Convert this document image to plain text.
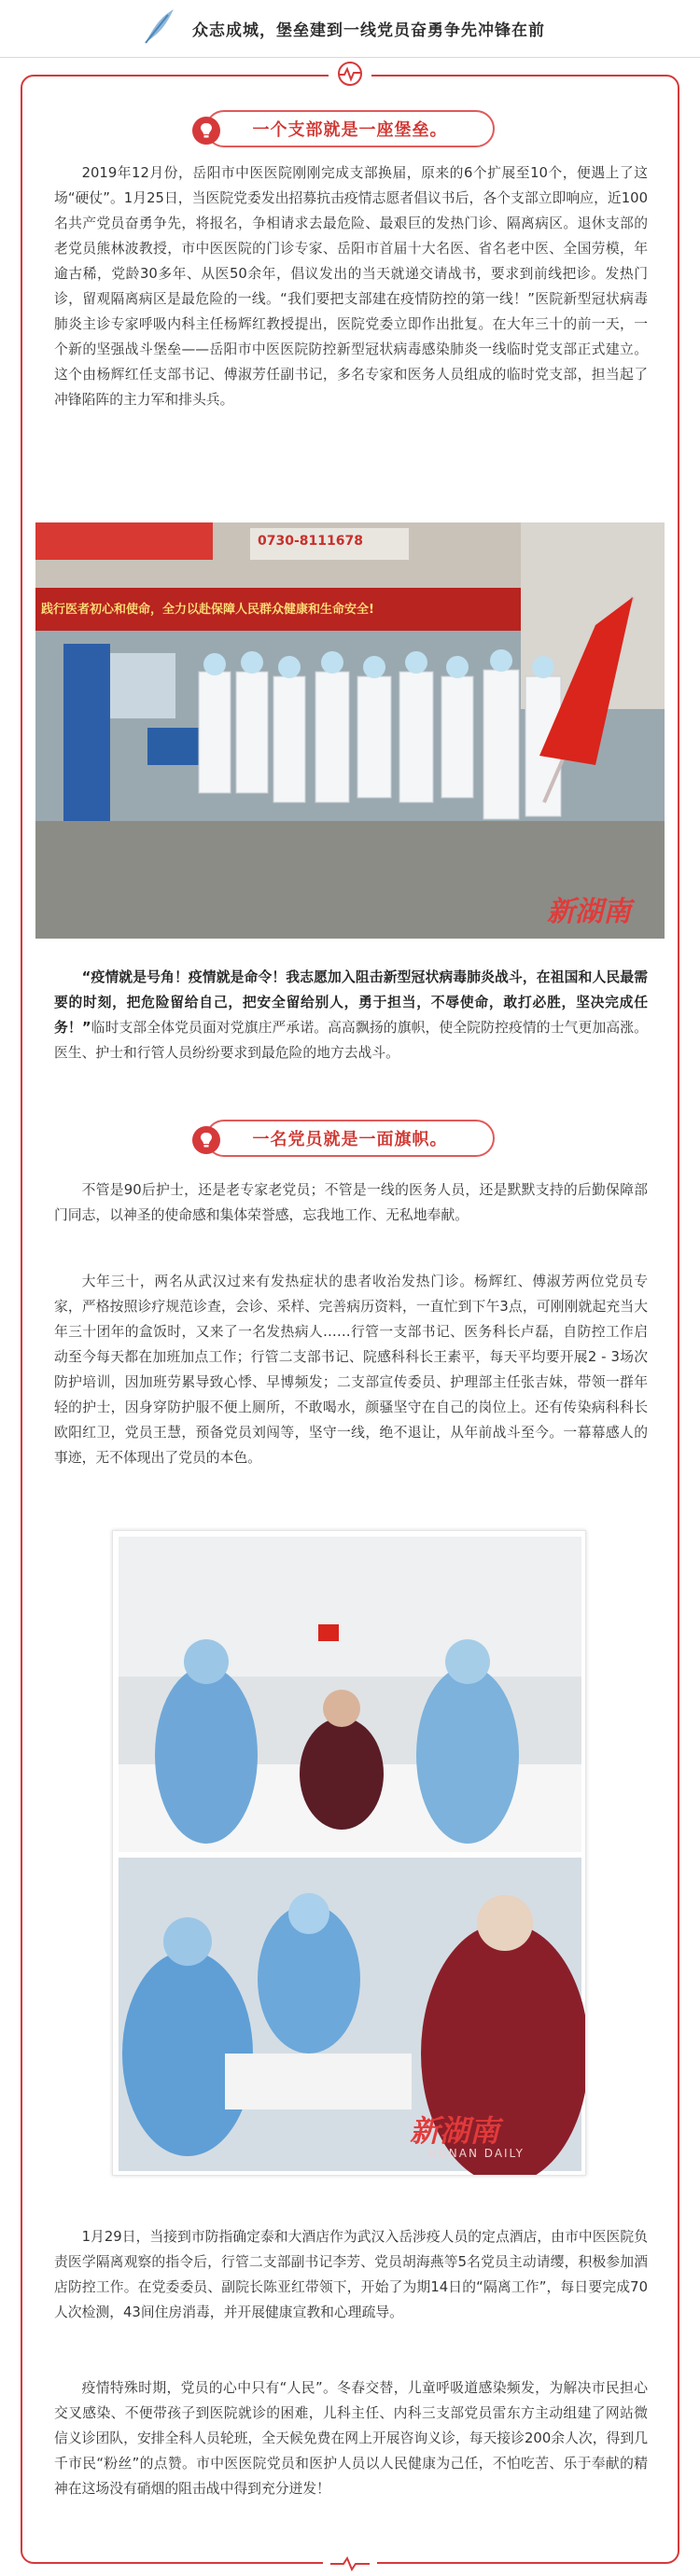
众志成城，堡垒建到一线党员奋勇争先冲锋在前
一个支部就是一座堡垒。
2019年12月份，岳阳市中医医院刚刚完成支部换届，原来的6个扩展至10个，便遇上了这场“硬仗”。1月25日，当医院党委发出招募抗击疫情志愿者倡议书后，各个支部立即响应，近100名共产党员奋勇争先，将报名，争相请求去最危险、最艰巨的发热门诊、隔离病区。退休支部的老党员熊林波教授，市中医医院的门诊专家、岳阳市首届十大名医、省名老中医、全国劳模，年逾古稀，党龄30多年、从医50余年，倡议发出的当天就递交请战书，要求到前线把诊。发热门诊，留观隔离病区是最危险的一线。“我们要把支部建在疫情防控的第一线！”医院新型冠状病毒肺炎主诊专家呼吸内科主任杨辉红教授提出，医院党委立即作出批复。在大年三十的前一天，一个新的坚强战斗堡垒——岳阳市中医医院防控新型冠状病毒感染肺炎一线临时党支部正式建立。这个由杨辉红任支部书记、傅淑芳任副书记，多名专家和医务人员组成的临时党支部，担当起了冲锋陷阵的主力军和排头兵。
0730-8111678
践行医者初心和使命，全力以赴保障人民群众健康和生命安全!
新湖南
“疫情就是号角！疫情就是命令！我志愿加入阻击新型冠状病毒肺炎战斗，在祖国和人民最需要的时刻，把危险留给自己，把安全留给别人，勇于担当，不辱使命，敢打必胜，坚决完成任务！”临时支部全体党员面对党旗庄严承诺。高高飘扬的旗帜，使全院防控疫情的士气更加高涨。医生、护士和行管人员纷纷要求到最危险的地方去战斗。
一名党员就是一面旗帜。
不管是90后护士，还是老专家老党员；不管是一线的医务人员，还是默默支持的后勤保障部门同志，以神圣的使命感和集体荣誉感，忘我地工作、无私地奉献。
大年三十，两名从武汉过来有发热症状的患者收治发热门诊。杨辉红、傅淑芳两位党员专家，严格按照诊疗规范诊查，会诊、采样、完善病历资料，一直忙到下午3点，可刚刚就起充当大年三十团年的盒饭时，又来了一名发热病人……行管一支部书记、医务科长卢磊，自防控工作启动至今每天都在加班加点工作；行管二支部书记、院感科科长王素平，每天平均要开展2 - 3场次防护培训，因加班劳累导致心悸、早博频发；二支部宣传委员、护理部主任张吉妹，带领一群年轻的护士，因身穿防护服不便上厕所，不敢喝水，颜骚坚守在自己的岗位上。还有传染病科科长欧阳红卫，党员王慧，预备党员刘闯等，坚守一线，绝不退让，从年前战斗至今。一幕幕感人的事迹，无不体现出了党员的本色。
新湖南
HUNAN DAILY
1月29日，当接到市防指确定泰和大酒店作为武汉入岳涉疫人员的定点酒店，由市中医医院负责医学隔离观察的指令后，行管二支部副书记李芳、党员胡海燕等5名党员主动请缨，积极参加酒店防控工作。在党委委员、副院长陈亚红带领下，开始了为期14日的“隔离工作”，每日要完成70人次检测，43间住房消毒，并开展健康宣教和心理疏导。
疫情特殊时期，党员的心中只有“人民”。冬春交替，儿童呼吸道感染频发，为解决市民担心交叉感染、不便带孩子到医院就诊的困难，儿科主任、内科三支部党员雷东方主动组建了网站微信义诊团队，安排全科人员轮班，全天候免费在网上开展咨询义诊，每天接诊200余人次，得到几千市民“粉丝”的点赞。市中医医院党员和医护人员以人民健康为己任，不怕吃苦、乐于奉献的精神在这场没有硝烟的阻击战中得到充分迸发！
